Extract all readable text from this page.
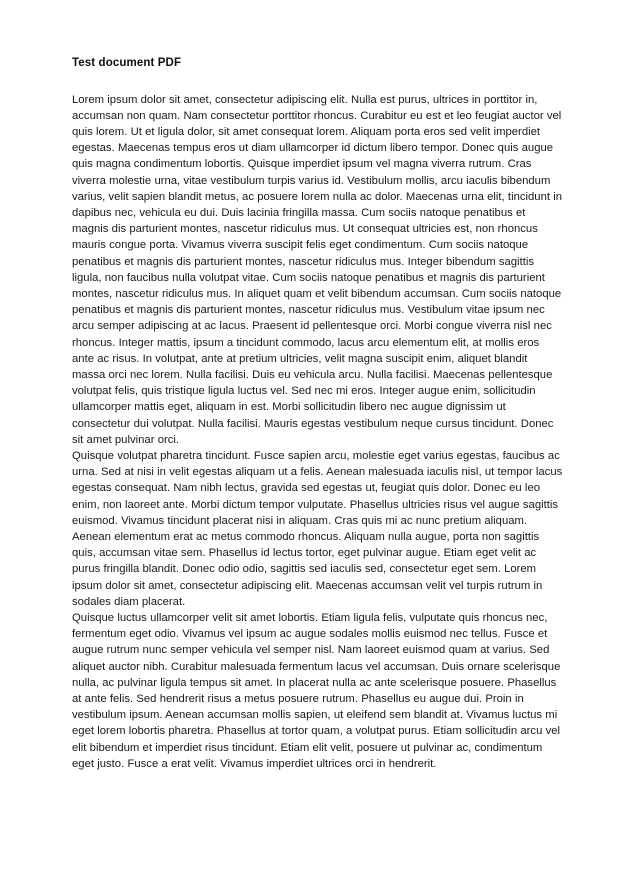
Test document PDF

Lorem ipsum dolor sit amet, consectetur adipiscing elit. Nulla est purus, ultrices in porttitor in, accumsan non quam. Nam consectetur porttitor rhoncus. Curabitur eu est et leo feugiat auctor vel quis lorem. Ut et ligula dolor, sit amet consequat lorem. Aliquam porta eros sed velit imperdiet egestas. Maecenas tempus eros ut diam ullamcorper id dictum libero tempor. Donec quis augue quis magna condimentum lobortis. Quisque imperdiet ipsum vel magna viverra rutrum. Cras viverra molestie urna, vitae vestibulum turpis varius id. Vestibulum mollis, arcu iaculis bibendum varius, velit sapien blandit metus, ac posuere lorem nulla ac dolor. Maecenas urna elit, tincidunt in dapibus nec, vehicula eu dui. Duis lacinia fringilla massa. Cum sociis natoque penatibus et magnis dis parturient montes, nascetur ridiculus mus. Ut consequat ultricies est, non rhoncus mauris congue porta. Vivamus viverra suscipit felis eget condimentum. Cum sociis natoque penatibus et magnis dis parturient montes, nascetur ridiculus mus. Integer bibendum sagittis ligula, non faucibus nulla volutpat vitae. Cum sociis natoque penatibus et magnis dis parturient montes, nascetur ridiculus mus. In aliquet quam et velit bibendum accumsan. Cum sociis natoque penatibus et magnis dis parturient montes, nascetur ridiculus mus. Vestibulum vitae ipsum nec arcu semper adipiscing at ac lacus. Praesent id pellentesque orci. Morbi congue viverra nisl nec rhoncus. Integer mattis, ipsum a tincidunt commodo, lacus arcu elementum elit, at mollis eros ante ac risus. In volutpat, ante at pretium ultricies, velit magna suscipit enim, aliquet blandit massa orci nec lorem. Nulla facilisi. Duis eu vehicula arcu. Nulla facilisi. Maecenas pellentesque volutpat felis, quis tristique ligula luctus vel. Sed nec mi eros. Integer augue enim, sollicitudin ullamcorper mattis eget, aliquam in est. Morbi sollicitudin libero nec augue dignissim ut consectetur dui volutpat. Nulla facilisi. Mauris egestas vestibulum neque cursus tincidunt. Donec sit amet pulvinar orci.

Quisque volutpat pharetra tincidunt. Fusce sapien arcu, molestie eget varius egestas, faucibus ac urna. Sed at nisi in velit egestas aliquam ut a felis. Aenean malesuada iaculis nisl, ut tempor lacus egestas consequat. Nam nibh lectus, gravida sed egestas ut, feugiat quis dolor. Donec eu leo enim, non laoreet ante. Morbi dictum tempor vulputate. Phasellus ultricies risus vel augue sagittis euismod. Vivamus tincidunt placerat nisi in aliquam. Cras quis mi ac nunc pretium aliquam. Aenean elementum erat ac metus commodo rhoncus. Aliquam nulla augue, porta non sagittis quis, accumsan vitae sem. Phasellus id lectus tortor, eget pulvinar augue. Etiam eget velit ac purus fringilla blandit. Donec odio odio, sagittis sed iaculis sed, consectetur eget sem. Lorem ipsum dolor sit amet, consectetur adipiscing elit. Maecenas accumsan velit vel turpis rutrum in sodales diam placerat.

Quisque luctus ullamcorper velit sit amet lobortis. Etiam ligula felis, vulputate quis rhoncus nec, fermentum eget odio. Vivamus vel ipsum ac augue sodales mollis euismod nec tellus. Fusce et augue rutrum nunc semper vehicula vel semper nisl. Nam laoreet euismod quam at varius. Sed aliquet auctor nibh. Curabitur malesuada fermentum lacus vel accumsan. Duis ornare scelerisque nulla, ac pulvinar ligula tempus sit amet. In placerat nulla ac ante scelerisque posuere. Phasellus at ante felis. Sed hendrerit risus a metus posuere rutrum. Phasellus eu augue dui. Proin in vestibulum ipsum. Aenean accumsan mollis sapien, ut eleifend sem blandit at. Vivamus luctus mi eget lorem lobortis pharetra. Phasellus at tortor quam, a volutpat purus. Etiam sollicitudin arcu vel elit bibendum et imperdiet risus tincidunt. Etiam elit velit, posuere ut pulvinar ac, condimentum eget justo. Fusce a erat velit. Vivamus imperdiet ultrices orci in hendrerit.
